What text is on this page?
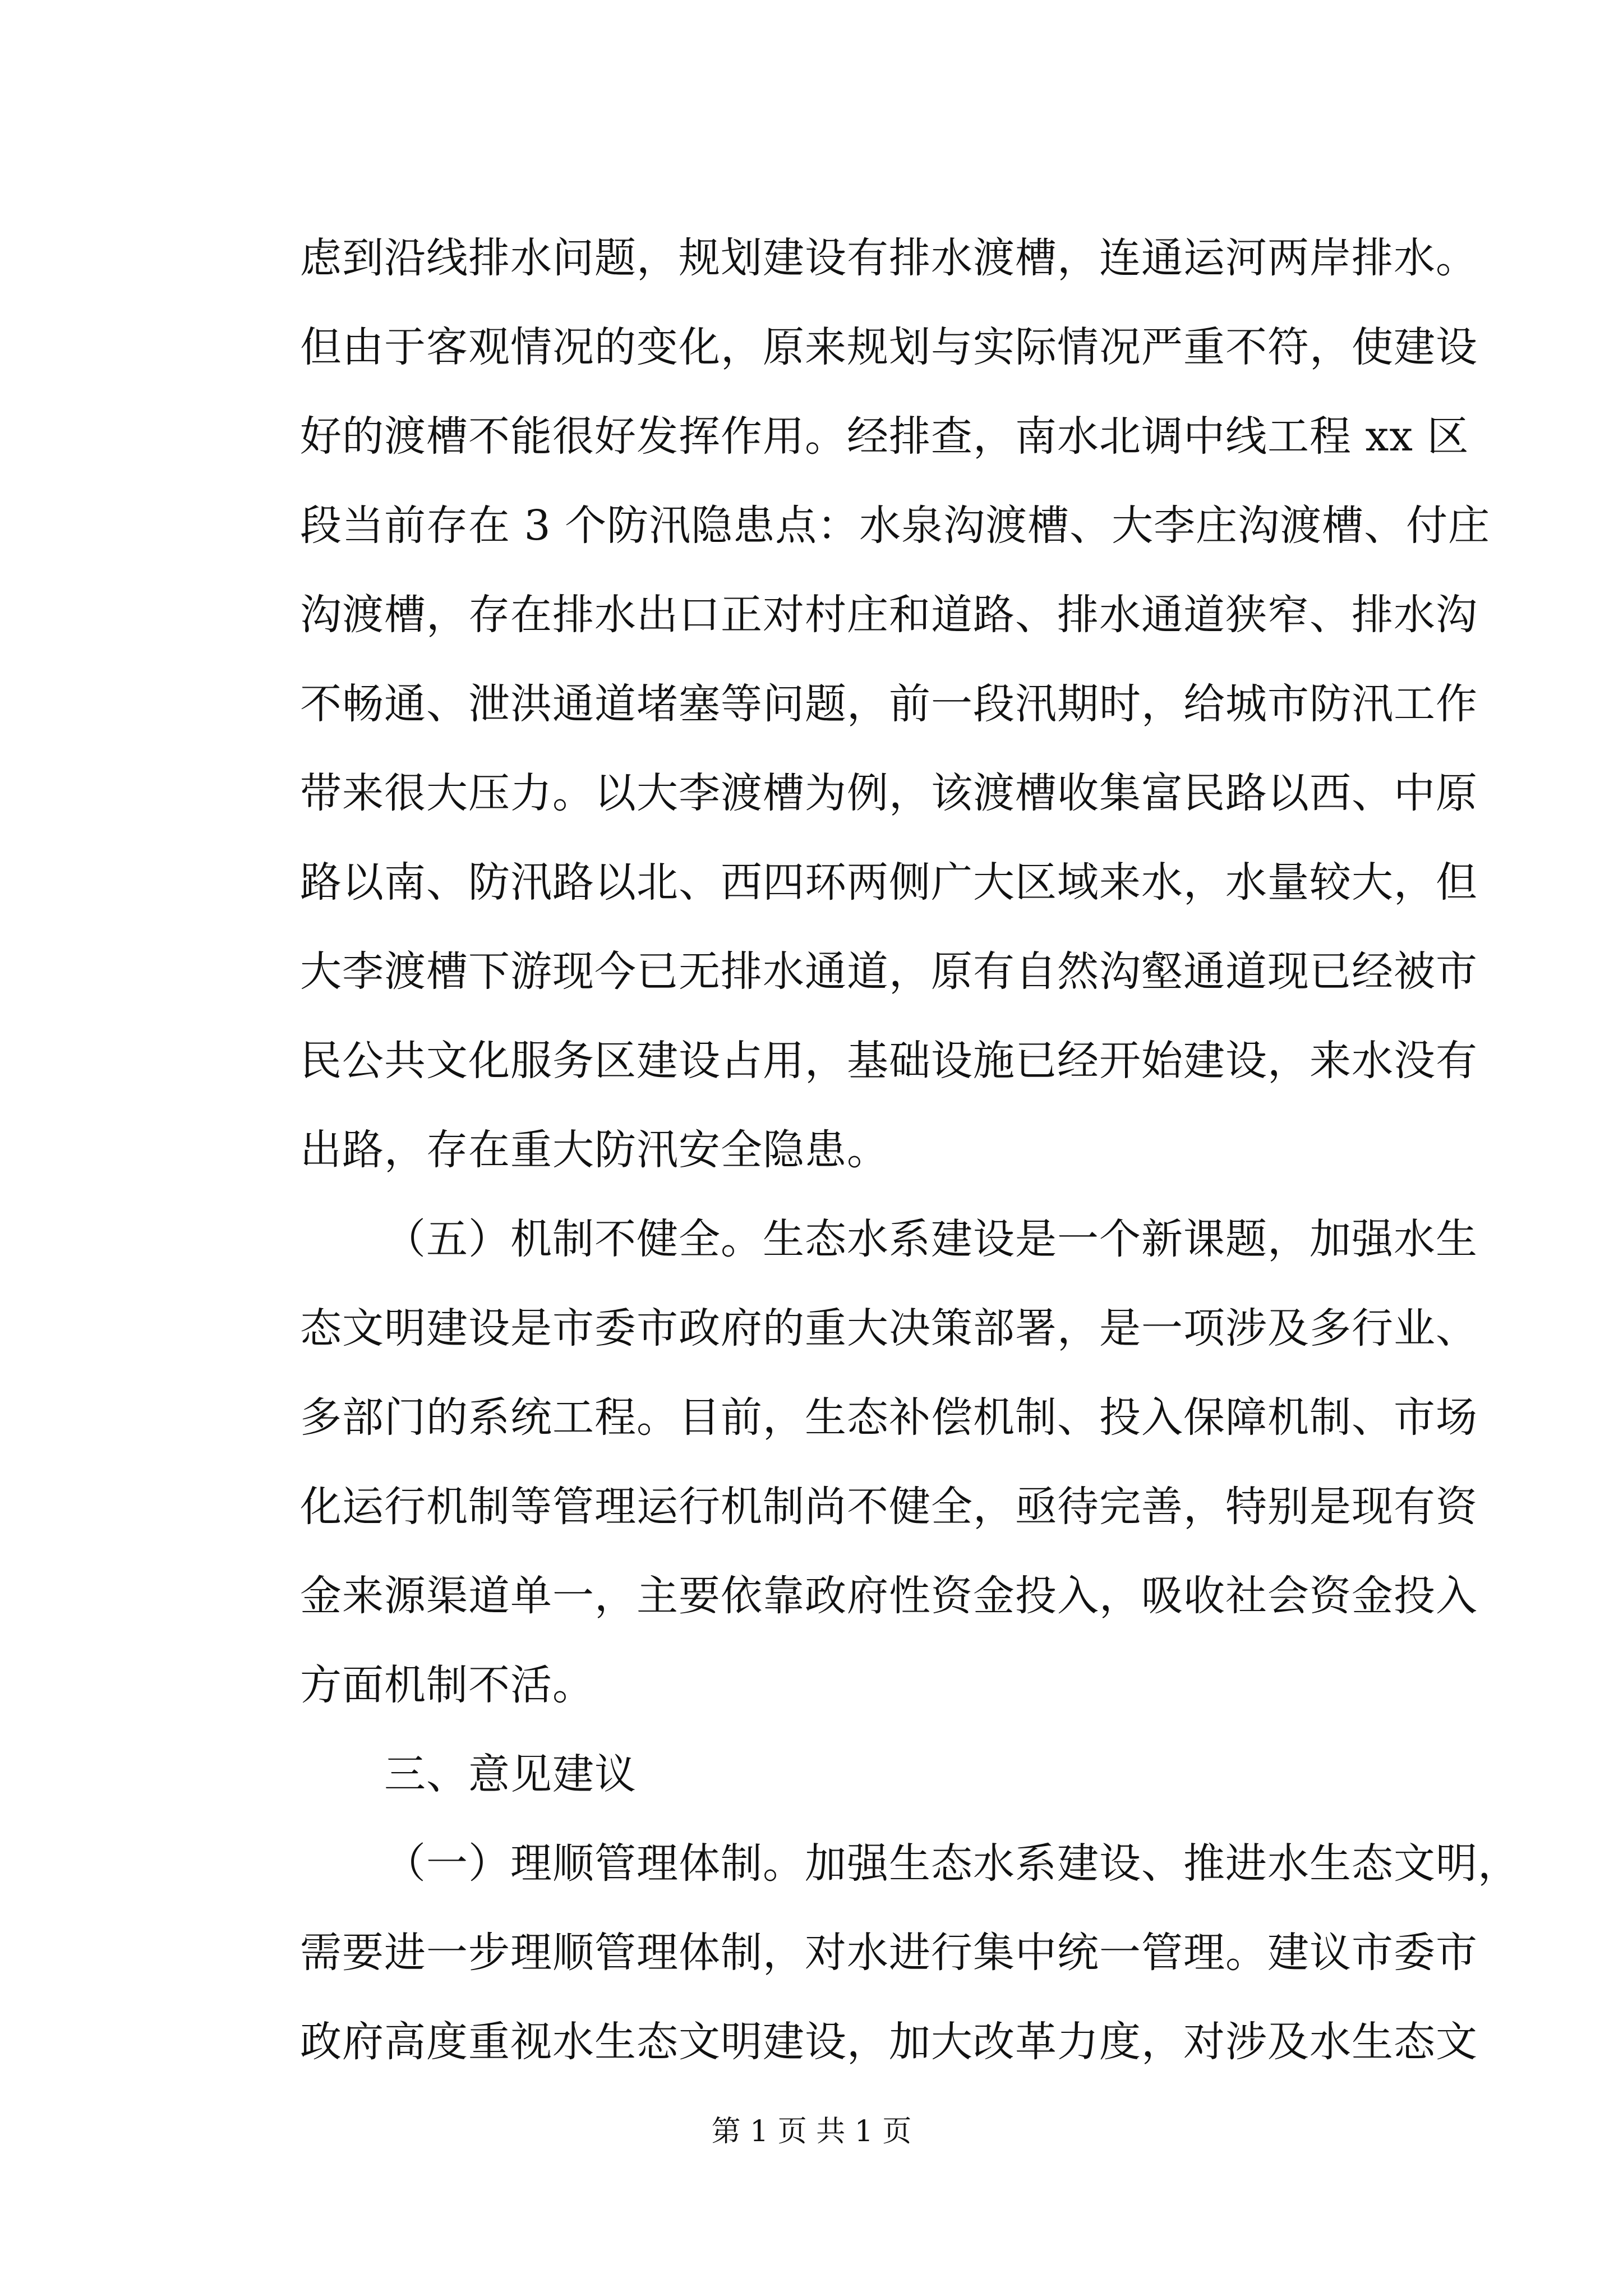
虑到沿线排水问题，规划建设有排水渡槽，连通运河两岸排水。
但由于客观情况的变化，原来规划与实际情况严重不符，使建设
好的渡槽不能很好发挥作用。经排查，南水北调中线工程 xx 区
段当前存在 3 个防汛隐患点：水泉沟渡槽、大李庄沟渡槽、付庄
沟渡槽，存在排水出口正对村庄和道路、排水通道狭窄、排水沟
不畅通、泄洪通道堵塞等问题，前一段汛期时，给城市防汛工作
带来很大压力。以大李渡槽为例，该渡槽收集富民路以西、中原
路以南、防汛路以北、西四环两侧广大区域来水，水量较大，但
大李渡槽下游现今已无排水通道，原有自然沟壑通道现已经被市
民公共文化服务区建设占用，基础设施已经开始建设，来水没有
出路，存在重大防汛安全隐患。
（五）机制不健全。生态水系建设是一个新课题，加强水生
态文明建设是市委市政府的重大决策部署，是一项涉及多行业、
多部门的系统工程。目前，生态补偿机制、投入保障机制、市场
化运行机制等管理运行机制尚不健全，亟待完善，特别是现有资
金来源渠道单一，主要依靠政府性资金投入，吸收社会资金投入
方面机制不活。
三、意见建议
（一）理顺管理体制。加强生态水系建设、推进水生态文明，
需要进一步理顺管理体制，对水进行集中统一管理。建议市委市
政府高度重视水生态文明建设，加大改革力度，对涉及水生态文
第 1 页 共 1 页
